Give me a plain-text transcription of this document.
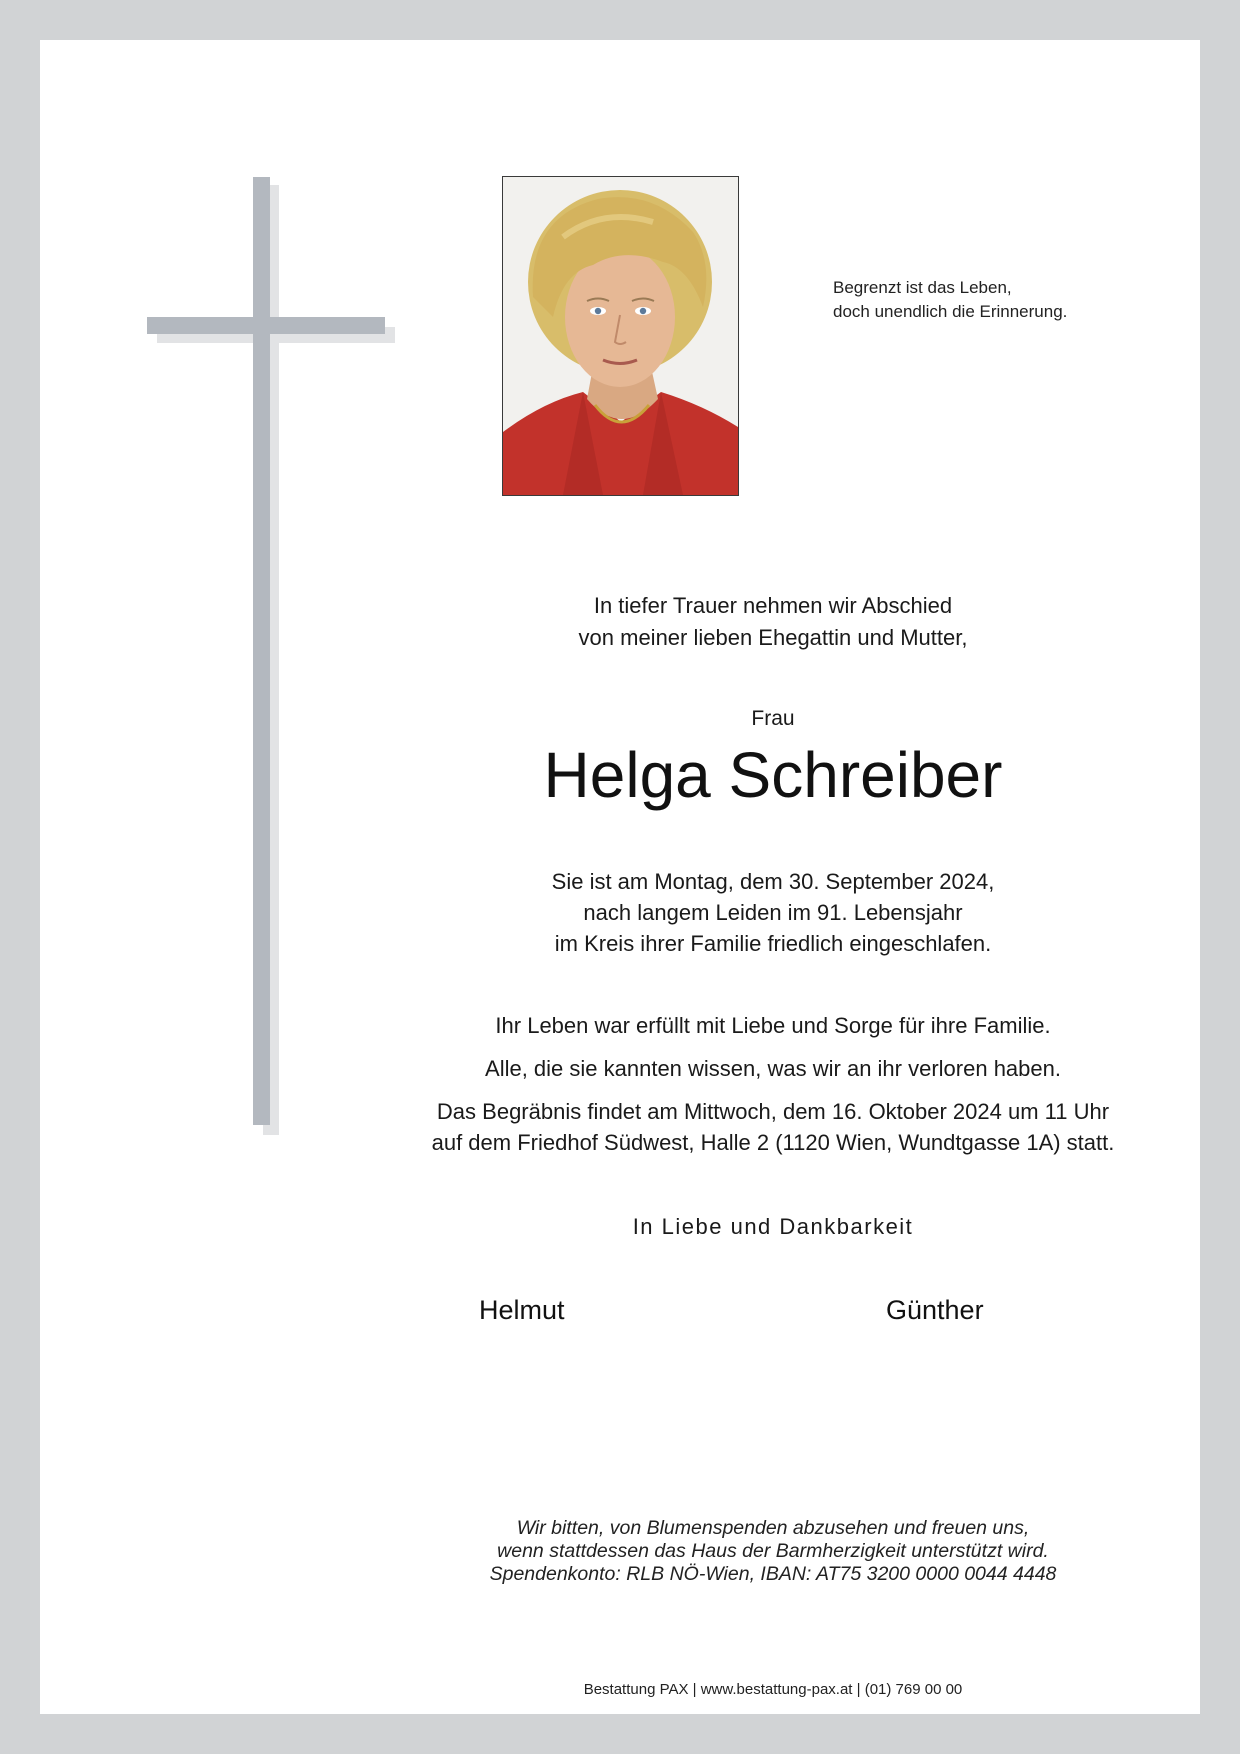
Begrenzt ist das Leben,
doch unendlich die Erinnerung.
In tiefer Trauer nehmen wir Abschied
von meiner lieben Ehegattin und Mutter,
Frau
Helga Schreiber
Sie ist am Montag, dem 30. September 2024,
nach langem Leiden im 91. Lebensjahr
im Kreis ihrer Familie friedlich eingeschlafen.
Ihr Leben war erfüllt mit Liebe und Sorge für ihre Familie.
Alle, die sie kannten wissen, was wir an ihr verloren haben.
Das Begräbnis findet am Mittwoch, dem 16. Oktober 2024 um 11 Uhr
auf dem Friedhof Südwest, Halle 2 (1120 Wien, Wundtgasse 1A) statt.
In Liebe und Dankbarkeit
Helmut	Günther
Wir bitten, von Blumenspenden abzusehen und freuen uns,
wenn stattdessen das Haus der Barmherzigkeit unterstützt wird.
Spendenkonto: RLB NÖ-Wien, IBAN: AT75 3200 0000 0044 4448
Bestattung PAX | www.bestattung-pax.at | (01) 769 00 00
